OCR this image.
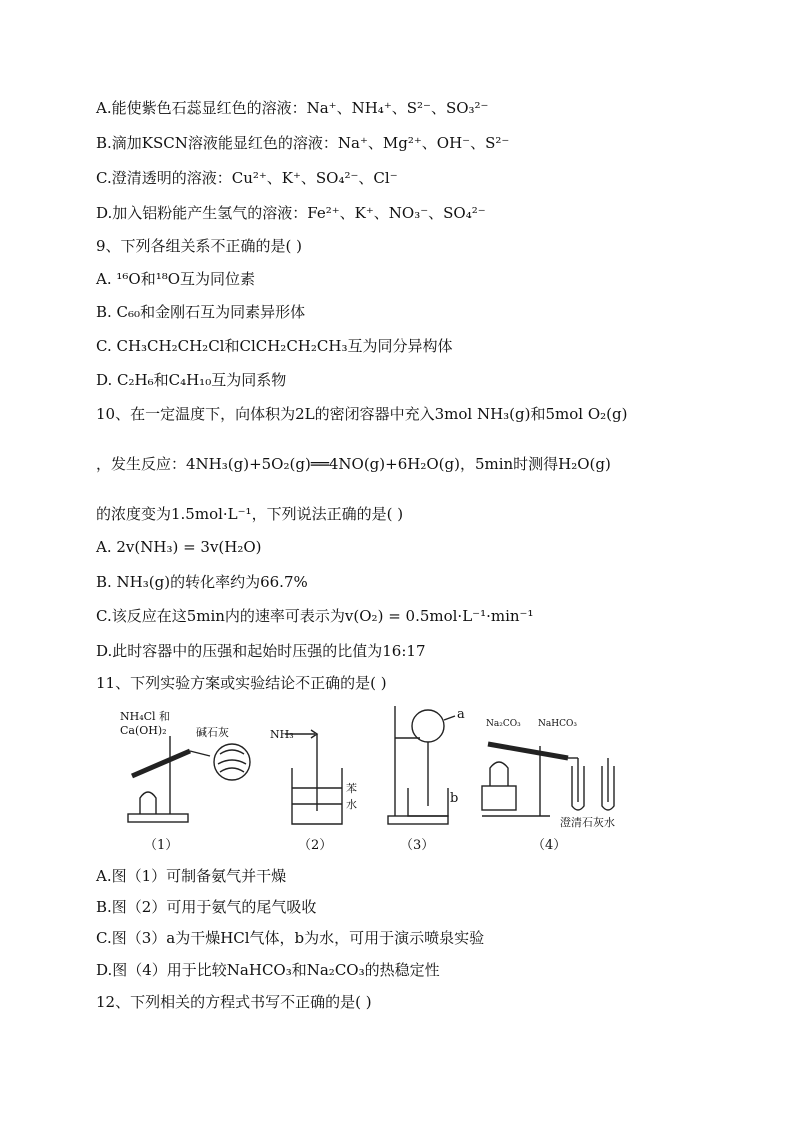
A.能使紫色石蕊显红色的溶液：Na⁺、NH₄⁺、S²⁻、SO₃²⁻
B.滴加KSCN溶液能显红色的溶液：Na⁺、Mg²⁺、OH⁻、S²⁻
C.澄清透明的溶液：Cu²⁺、K⁺、SO₄²⁻、Cl⁻
D.加入铝粉能产生氢气的溶液：Fe²⁺、K⁺、NO₃⁻、SO₄²⁻
9、下列各组关系不正确的是( )
A. ¹⁶O和¹⁸O互为同位素
B. C₆₀和金刚石互为同素异形体
C. CH₃CH₂CH₂Cl和ClCH₂CH₂CH₃互为同分异构体
D. C₂H₆和C₄H₁₀互为同系物
10、在一定温度下，向体积为2L的密闭容器中充入3mol NH₃(g)和5mol O₂(g)
，发生反应：4NH₃(g)+5O₂(g)══4NO(g)+6H₂O(g)，5min时测得H₂O(g)
的浓度变为1.5mol·L⁻¹，下列说法正确的是( )
A. 2v(NH₃) = 3v(H₂O)
B. NH₃(g)的转化率约为66.7%
C.该反应在这5min内的速率可表示为v(O₂) = 0.5mol·L⁻¹·min⁻¹
D.此时容器中的压强和起始时压强的比值为16:17
11、下列实验方案或实验结论不正确的是( )
NH₄Cl 和
Ca(OH)₂	碱石灰	NH₃
苯
水
a
b
Na₂CO₃ NaHCO₃
澄清石灰水
（1）	（2）	（3）	（4）
A.图（1）可制备氨气并干燥
B.图（2）可用于氨气的尾气吸收
C.图（3）a为干燥HCl气体，b为水，可用于演示喷泉实验
D.图（4）用于比较NaHCO₃和Na₂CO₃的热稳定性
12、下列相关的方程式书写不正确的是( )
